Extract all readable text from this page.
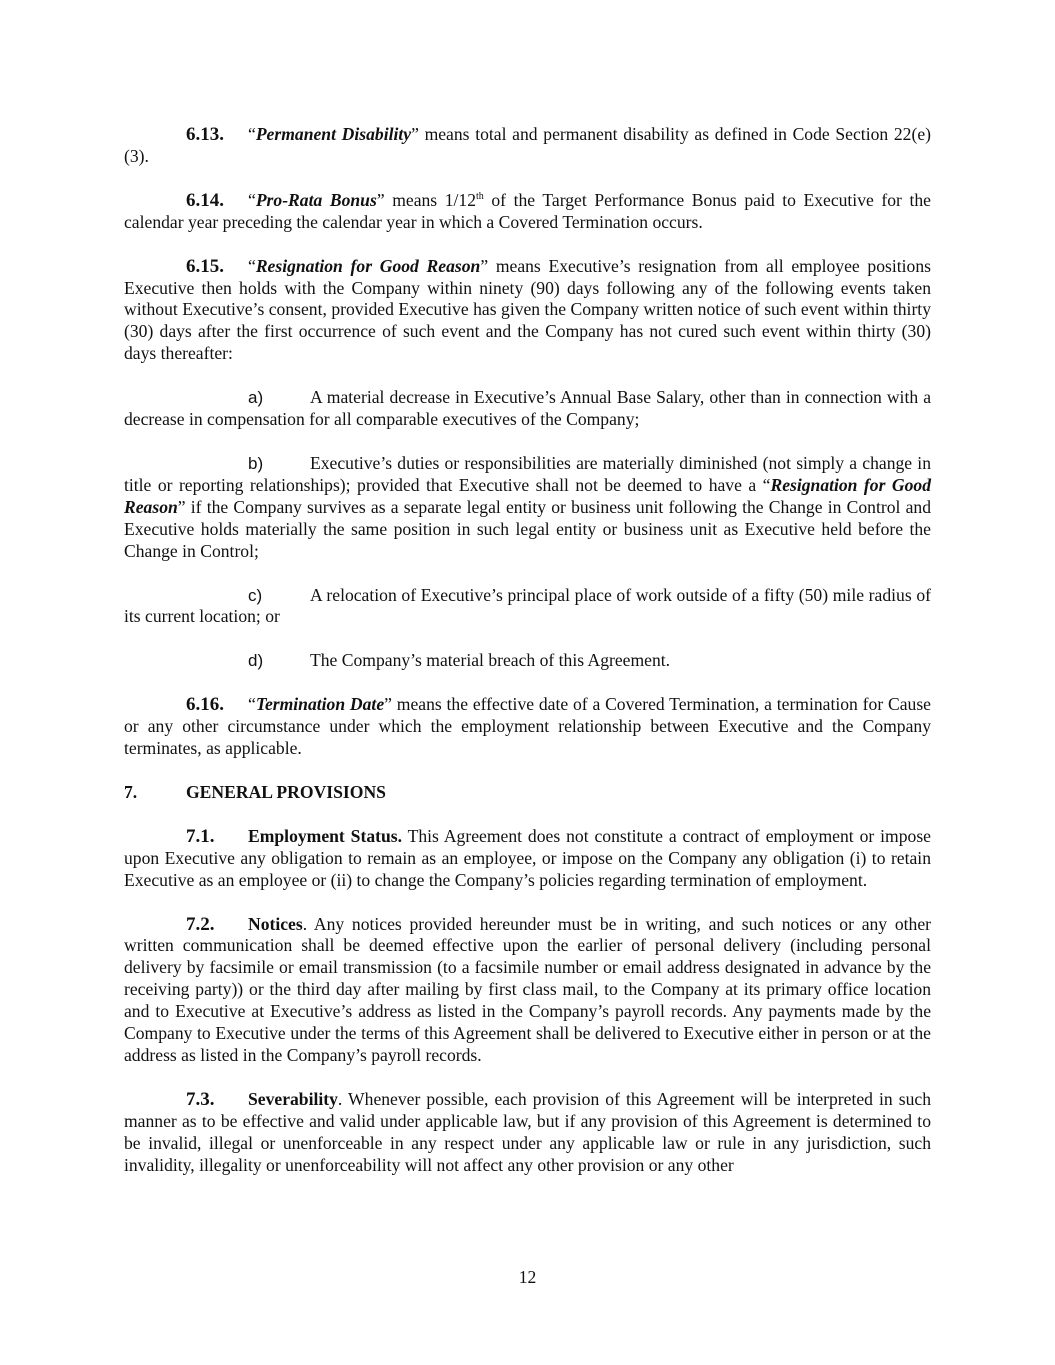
6.13. “Permanent Disability” means total and permanent disability as defined in Code Section 22(e)(3).

6.14. “Pro-Rata Bonus” means 1/12th of the Target Performance Bonus paid to Executive for the calendar year preceding the calendar year in which a Covered Termination occurs.

6.15. “Resignation for Good Reason” means Executive’s resignation from all employee positions Executive then holds with the Company within ninety (90) days following any of the following events taken without Executive’s consent, provided Executive has given the Company written notice of such event within thirty (30) days after the first occurrence of such event and the Company has not cured such event within thirty (30) days thereafter:

a)	A material decrease in Executive’s Annual Base Salary, other than in connection with a decrease in compensation for all comparable executives of the Company;

b)	Executive’s duties or responsibilities are materially diminished (not simply a change in title or reporting relationships); provided that Executive shall not be deemed to have a “Resignation for Good Reason” if the Company survives as a separate legal entity or business unit following the Change in Control and Executive holds materially the same position in such legal entity or business unit as Executive held before the Change in Control;

c)	A relocation of Executive’s principal place of work outside of a fifty (50) mile radius of its current location; or

d)	The Company’s material breach of this Agreement.

6.16. “Termination Date” means the effective date of a Covered Termination, a termination for Cause or any other circumstance under which the employment relationship between Executive and the Company terminates, as applicable.

7.	GENERAL PROVISIONS

7.1. Employment Status. This Agreement does not constitute a contract of employment or impose upon Executive any obligation to remain as an employee, or impose on the Company any obligation (i) to retain Executive as an employee or (ii) to change the Company’s policies regarding termination of employment.

7.2. Notices. Any notices provided hereunder must be in writing, and such notices or any other written communication shall be deemed effective upon the earlier of personal delivery (including personal delivery by facsimile or email transmission (to a facsimile number or email address designated in advance by the receiving party)) or the third day after mailing by first class mail, to the Company at its primary office location and to Executive at Executive’s address as listed in the Company’s payroll records. Any payments made by the Company to Executive under the terms of this Agreement shall be delivered to Executive either in person or at the address as listed in the Company’s payroll records.

7.3. Severability. Whenever possible, each provision of this Agreement will be interpreted in such manner as to be effective and valid under applicable law, but if any provision of this Agreement is determined to be invalid, illegal or unenforceable in any respect under any applicable law or rule in any jurisdiction, such invalidity, illegality or unenforceability will not affect any other provision or any other

12
